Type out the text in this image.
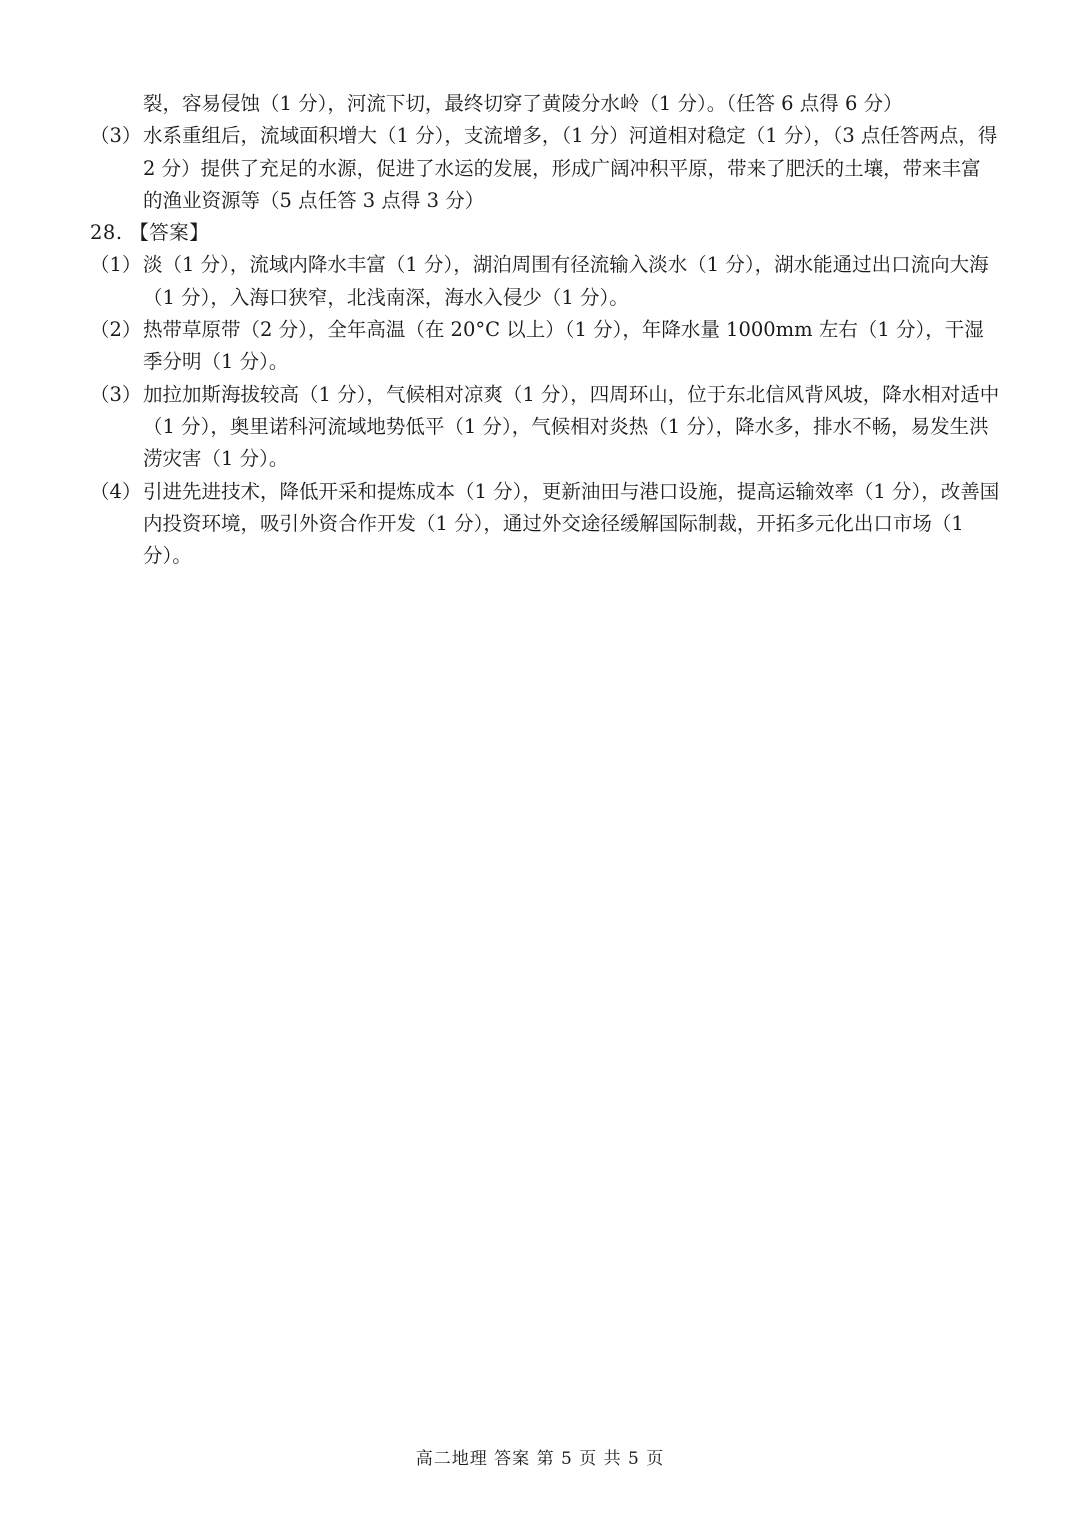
裂，容易侵蚀（1 分），河流下切，最终切穿了黄陵分水岭（1 分）。（任答 6 点得 6 分）

（3） 水系重组后，流域面积增大（1 分），支流增多，（1 分）河道相对稳定（1 分），（3 点任答两点，得 2 分）提供了充足的水源，促进了水运的发展，形成广阔冲积平原，带来了肥沃的土壤，带来丰富的渔业资源等（5 点任答 3 点得 3 分）

28. 【答案】

（1） 淡（1 分），流域内降水丰富（1 分），湖泊周围有径流输入淡水（1 分），湖水能通过出口流向大海（1 分），入海口狭窄，北浅南深，海水入侵少（1 分）。
（2） 热带草原带（2 分），全年高温（在 20°C 以上）（1 分），年降水量 1000mm 左右（1 分），干湿季分明（1 分）。
（3） 加拉加斯海拔较高（1 分），气候相对凉爽（1 分），四周环山，位于东北信风背风坡，降水相对适中（1 分），奥里诺科河流域地势低平（1 分），气候相对炎热（1 分），降水多，排水不畅，易发生洪涝灾害（1 分）。
（4） 引进先进技术，降低开采和提炼成本（1 分），更新油田与港口设施，提高运输效率（1 分），改善国内投资环境，吸引外资合作开发（1 分），通过外交途径缓解国际制裁，开拓多元化出口市场（1 分）。
高二地理 答案 第 5 页 共 5 页
